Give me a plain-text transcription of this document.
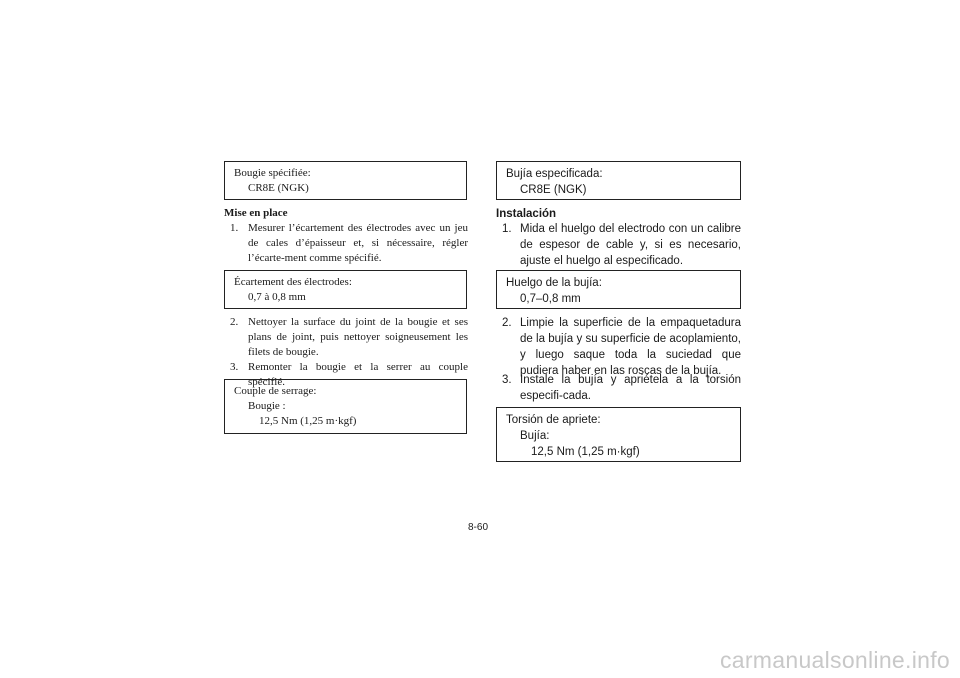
Bougie spécifiée:
CR8E (NGK)
Mise en place
1. Mesurer l’écartement des électrodes avec un jeu de cales d’épaisseur et, si nécessaire, régler l’écarte-ment comme spécifié.
Écartement des électrodes:
0,7 à 0,8 mm
2. Nettoyer la surface du joint de la bougie et ses plans de joint, puis nettoyer soigneusement les filets de bougie.
3. Remonter la bougie et la serrer au couple spécifié.
Couple de serrage:
Bougie :
12,5 Nm (1,25 m·kgf)
Bujía especificada:
CR8E (NGK)
Instalación
1. Mida el huelgo del electrodo con un calibre de espesor de cable y, si es necesario, ajuste el huelgo al especificado.
Huelgo de la bujía:
0,7–0,8 mm
2. Limpie la superficie de la empaquetadura de la bujía y su superficie de acoplamiento, y luego saque toda la suciedad que pudiera haber en las roscas de la bujía.
3. Instale la bujía y apriétela a la torsión especifi-cada.
Torsión de apriete:
Bujía:
12,5 Nm (1,25 m·kgf)
8-60
carmanualsonline.info
